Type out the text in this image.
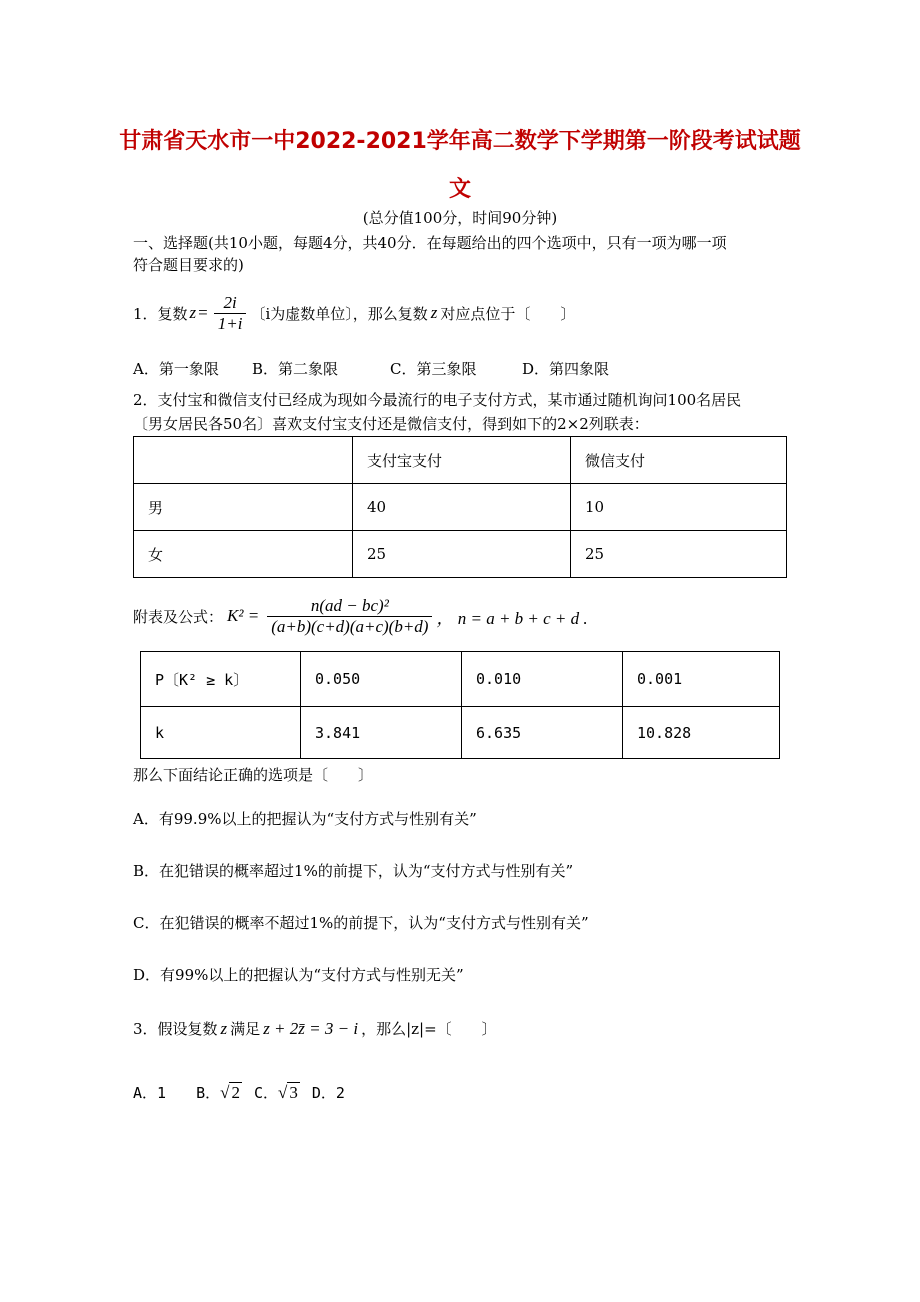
甘肃省天水市一中2022-2021学年高二数学下学期第一阶段考试试题
文
(总分值100分，时间90分钟)
一、选择题(共10小题，每题4分，共40分．在每题给出的四个选项中，只有一项为哪一项
符合题目要求的)
1．复数 $z = \frac{2i}{1+i}$ 〔i为虚数单位〕，那么复数 z 对应点位于〔　　〕
A．第一象限 B．第二象限	C．第三象限	D．第四象限
2．支付宝和微信支付已经成为现如今最流行的电子支付方式，某市通过随机询问100名居民
〔男女居民各50名〕喜欢支付宝支付还是微信支付，得到如下的2×2列联表：
	支付宝支付	微信支付
男	40	10
女	25	25
附表及公式： $K^2 = \frac{\text{n(ad − bc)²}}{(a+b)(c+d)(a+c)(b+d)}$ ， n = a + b + c + d .
P〔K² ≥ k〕	0.050	0.010	0.001
k	3.841	6.635	10.828
那么下面结论正确的选项是〔　　〕
A．有99.9%以上的把握认为“支付方式与性别有关”
B．在犯错误的概率超过1%的前提下，认为“支付方式与性别有关”
C．在犯错误的概率不超过1%的前提下，认为“支付方式与性别有关”
D．有99%以上的把握认为“支付方式与性别无关”
3．假设复数 z 满足 z + 2z̄ = 3 − i ，那么|z|=〔　　〕
A．1 B． √ 2 C． √ 3 D．2
